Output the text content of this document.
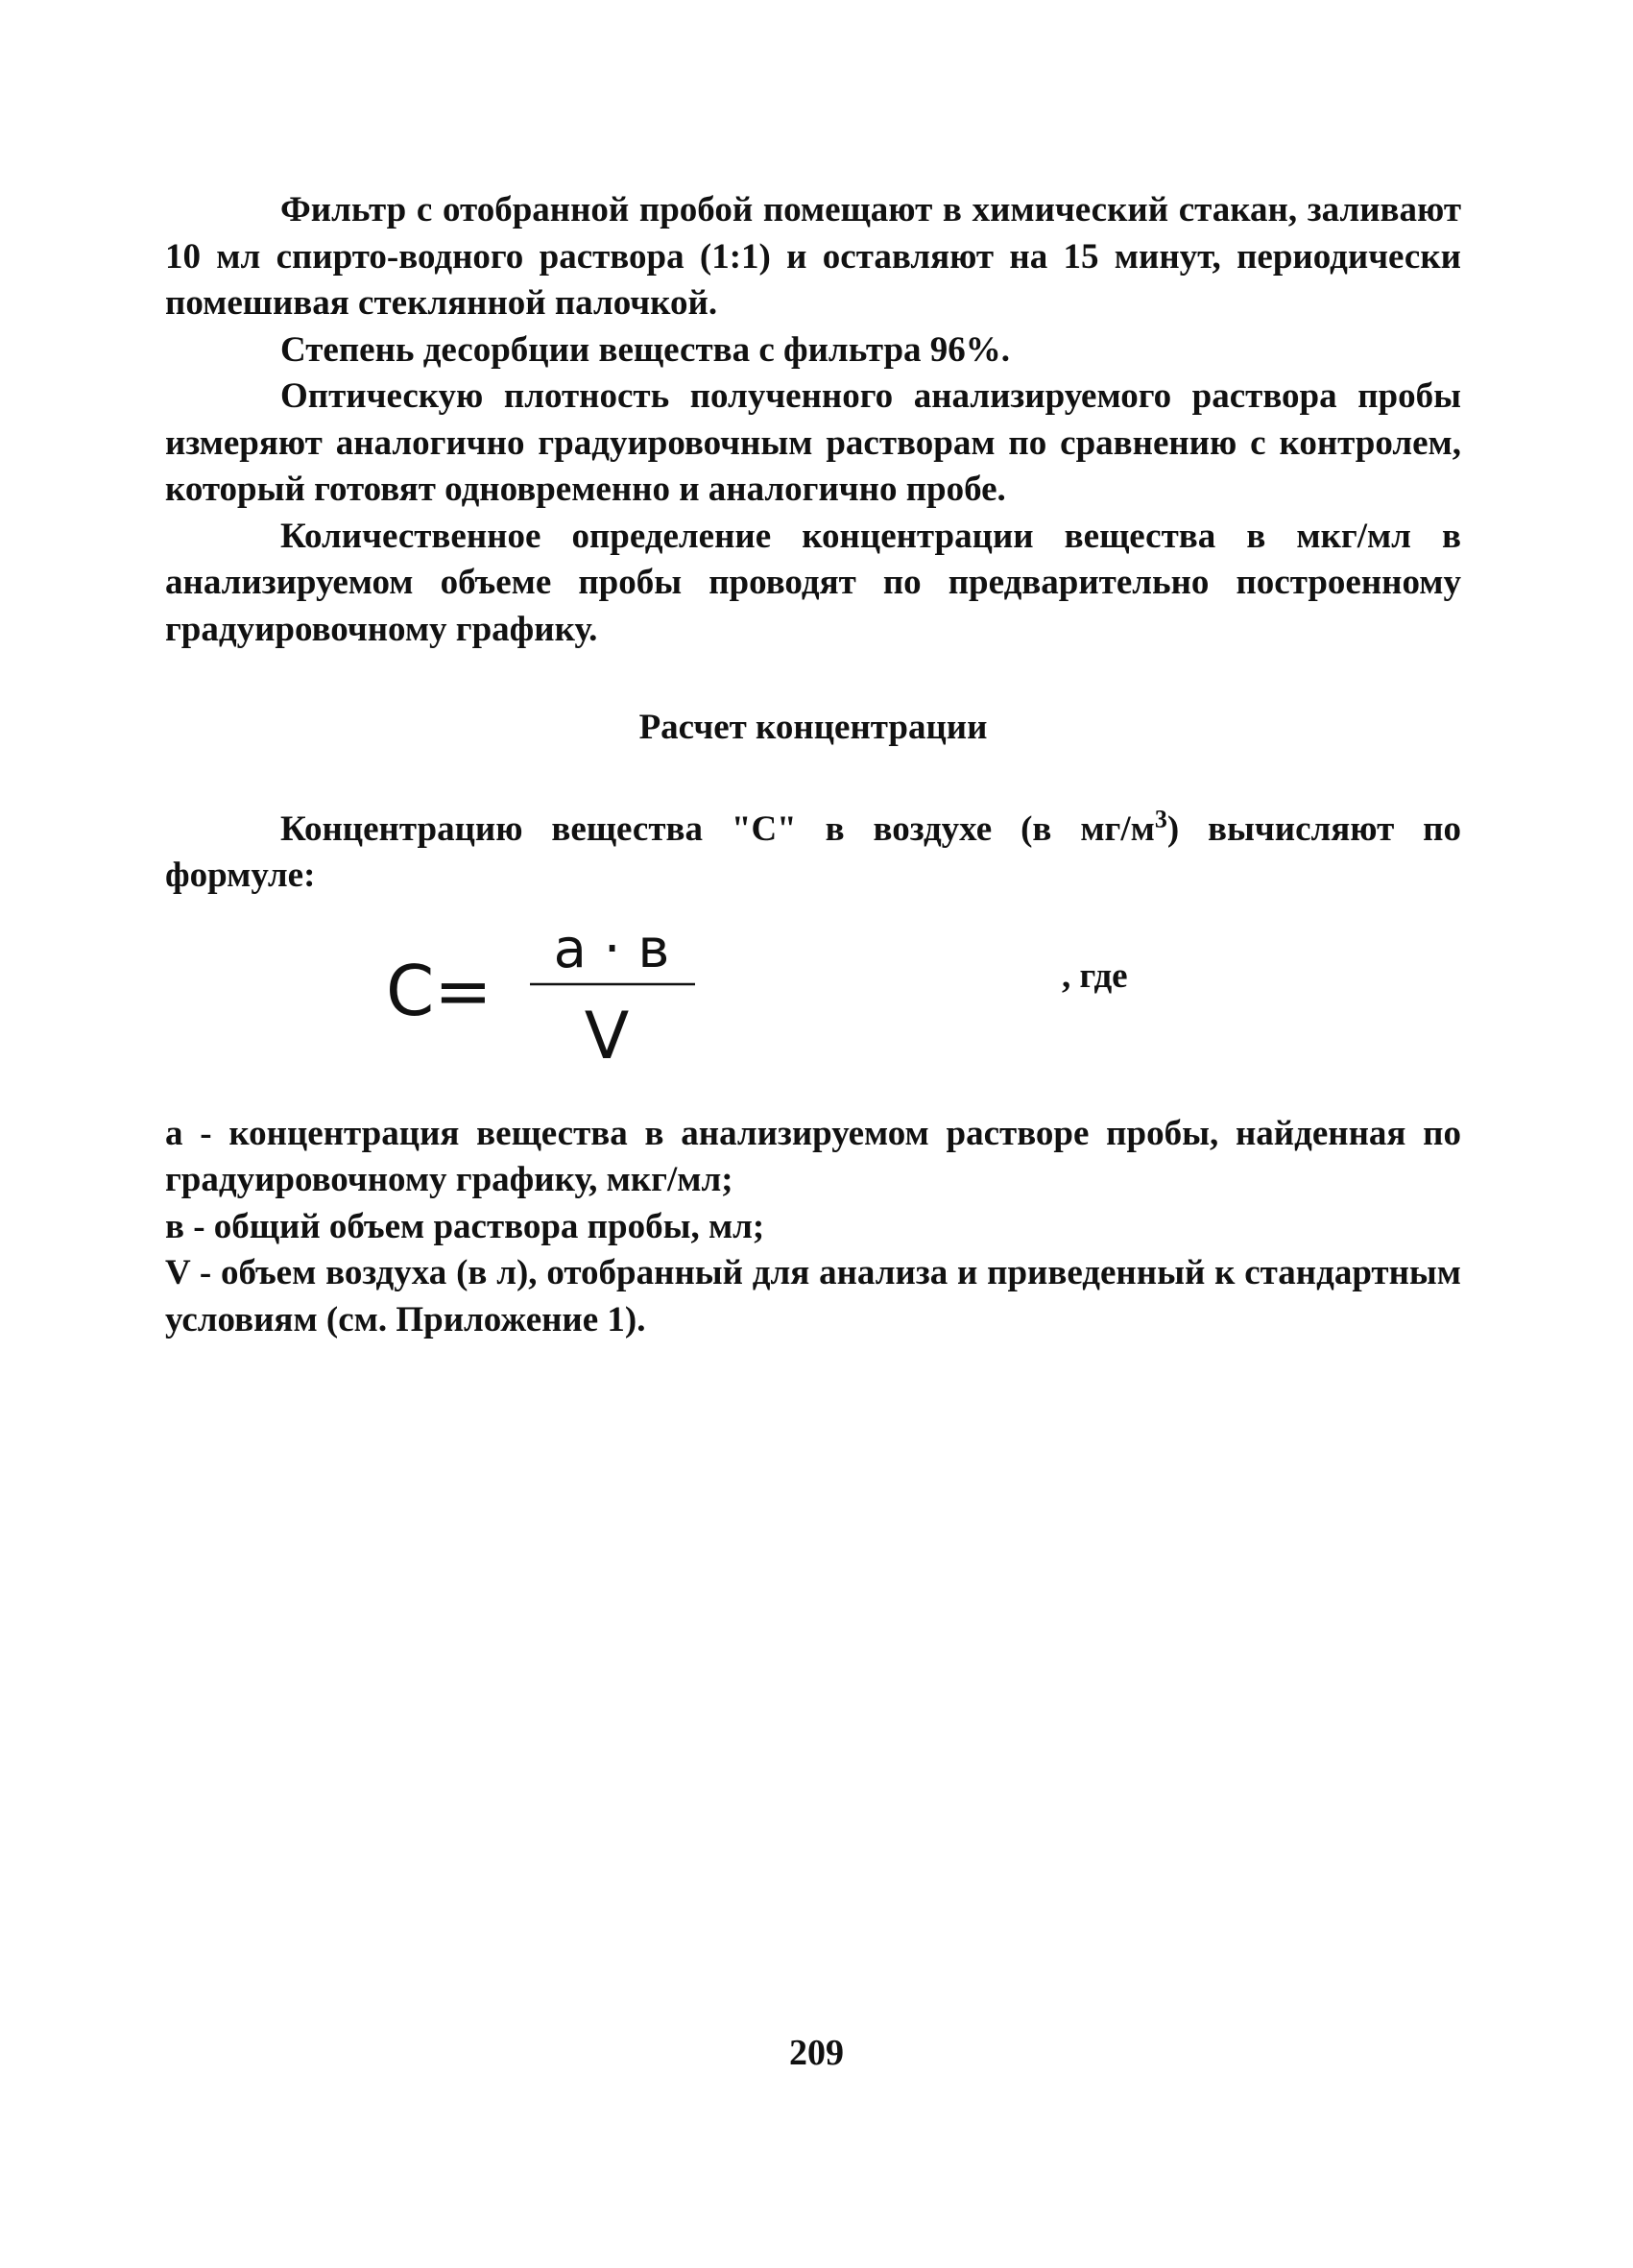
Фильтр с отобранной пробой помещают в химический стакан, заливают 10 мл спирто-водного раствора (1:1) и оставляют на 15 минут, периодически помешивая стеклянной палочкой.

Степень десорбции вещества с фильтра 96%.

Оптическую плотность полученного анализируемого раствора пробы измеряют аналогично градуировочным растворам по сравнению с контролем, который готовят одновременно и аналогично пробе.

Количественное определение концентрации вещества в мкг/мл в анализируемом объеме пробы проводят по предварительно построенному градуировочному графику.

Расчет концентрации

Концентрацию вещества "С" в воздухе (в $мг/м^3$) вычисляют по формуле:

С=
а · в
V
, где

а - концентрация вещества в анализируемом растворе пробы, найденная по градуировочному графику, мкг/мл;

в - общий объем раствора пробы, мл;

V - объем воздуха (в л), отобранный для анализа и приведенный к стандартным условиям (см. Приложение 1).

209
